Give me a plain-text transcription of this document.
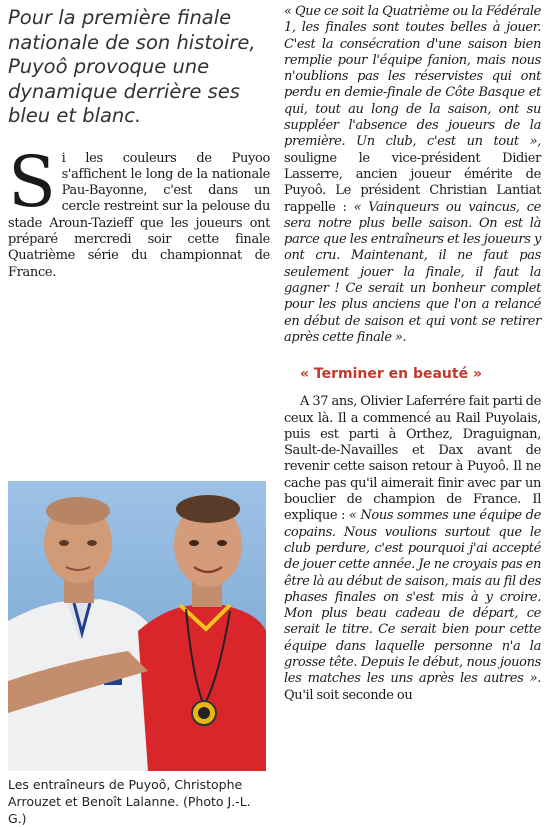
Pour la première finale nationale de son histoire, Puyoô provoque une dynamique derrière ses bleu et blanc.

Si les couleurs de Puyoo s'affichent le long de la nationale Pau-Bayonne, c'est dans un cercle restreint sur la pelouse du stade Aroun-Tazieff que les joueurs ont préparé mercredi soir cette finale Quatrième série du championnat de France.

Les entraîneurs de Puyoô, Christophe Arrouzet et Benoît Lalanne. (Photo J.-L. G.)

« Que ce soit la Quatrième ou la Fédérale 1, les finales sont toutes belles à jouer. C'est la consécration d'une saison bien remplie pour l'équipe fanion, mais nous n'oublions pas les réservistes qui ont perdu en demie-finale de Côte Basque et qui, tout au long de la saison, ont su suppléer l'absence des joueurs de la première. Un club, c'est un tout », souligne le vice-président Didier Lasserre, ancien joueur émérite de Puyoô. Le président Christian Lantiat rappelle : « Vainqueurs ou vaincus, ce sera notre plus belle saison. On est là parce que les entraîneurs et les joueurs y ont cru. Maintenant, il ne faut pas seulement jouer la finale, il faut la gagner ! Ce serait un bonheur complet pour les plus anciens que l'on a relancé en début de saison et qui vont se retirer après cette finale ».

« Terminer en beauté »

A 37 ans, Olivier Laferrére fait parti de ceux là. Il a commencé au Rail Puyolais, puis est parti à Orthez, Draguignan, Sault-de-Navailles et Dax avant de revenir cette saison retour à Puyoô. Il ne cache pas qu'il aimerait finir avec par un bouclier de champion de France. Il explique : « Nous sommes une équipe de copains. Nous voulions surtout que le club perdure, c'est pourquoi j'ai accepté de jouer cette année. Je ne croyais pas en être là au début de saison, mais au fil des phases finales on s'est mis à y croire. Mon plus beau cadeau de départ, ce serait le titre. Ce serait bien pour cette équipe dans laquelle personne n'a la grosse tête. Depuis le début, nous jouons les matches les uns après les autres ». Qu'il soit seconde ou
